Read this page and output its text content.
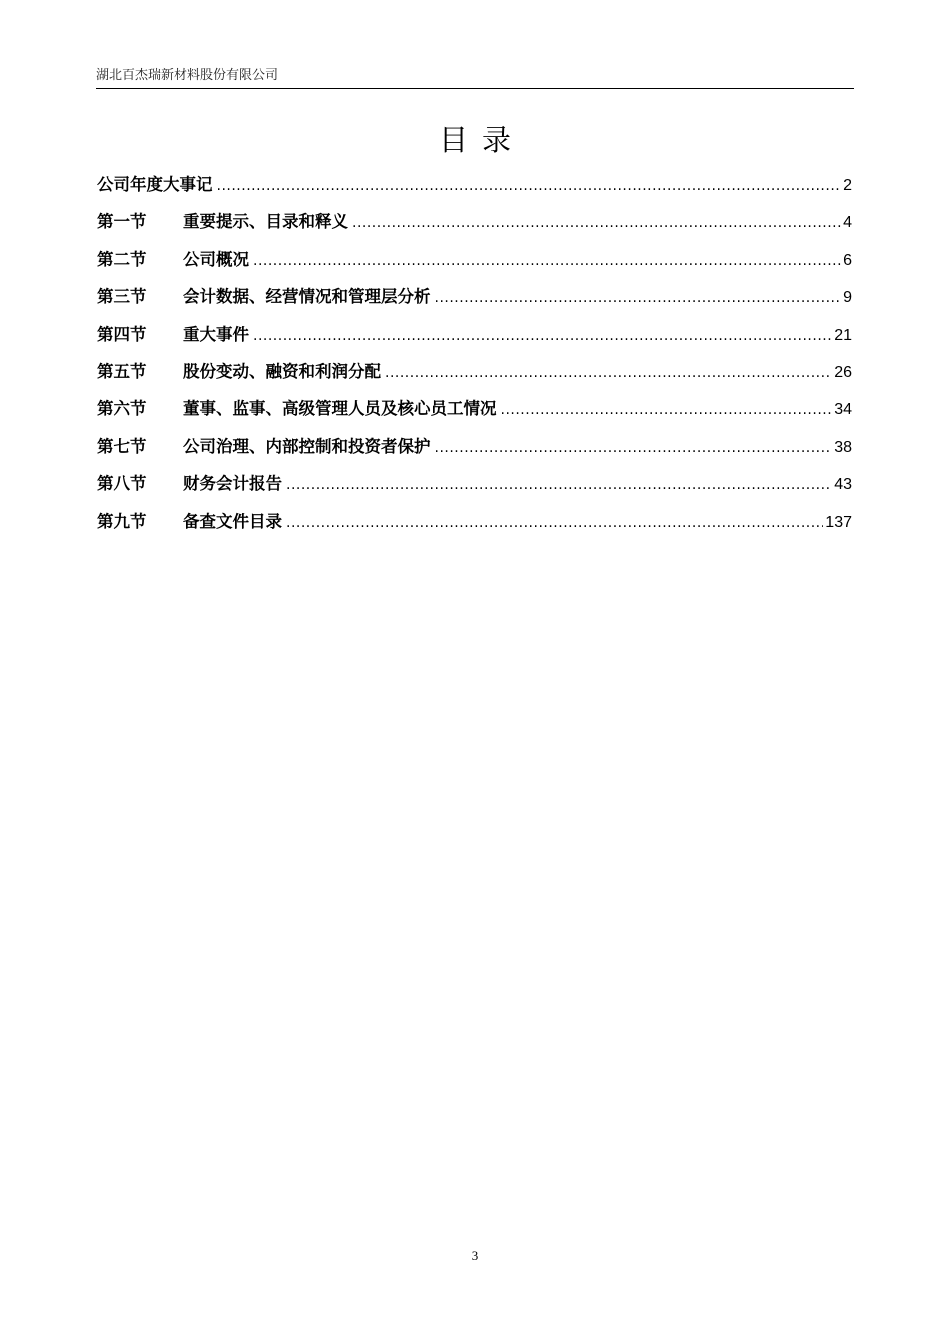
湖北百杰瑞新材料股份有限公司
目录
公司年度大事记 .....	2
第一节	重要提示、目录和释义 .....	4
第二节	公司概况 .....	6
第三节	会计数据、经营情况和管理层分析 .....	9
第四节	重大事件 .....	21
第五节	股份变动、融资和利润分配 .....	26
第六节	董事、监事、高级管理人员及核心员工情况 .....	34
第七节	公司治理、内部控制和投资者保护 .....	38
第八节	财务会计报告 .....	43
第九节	备查文件目录 .....	137
3
